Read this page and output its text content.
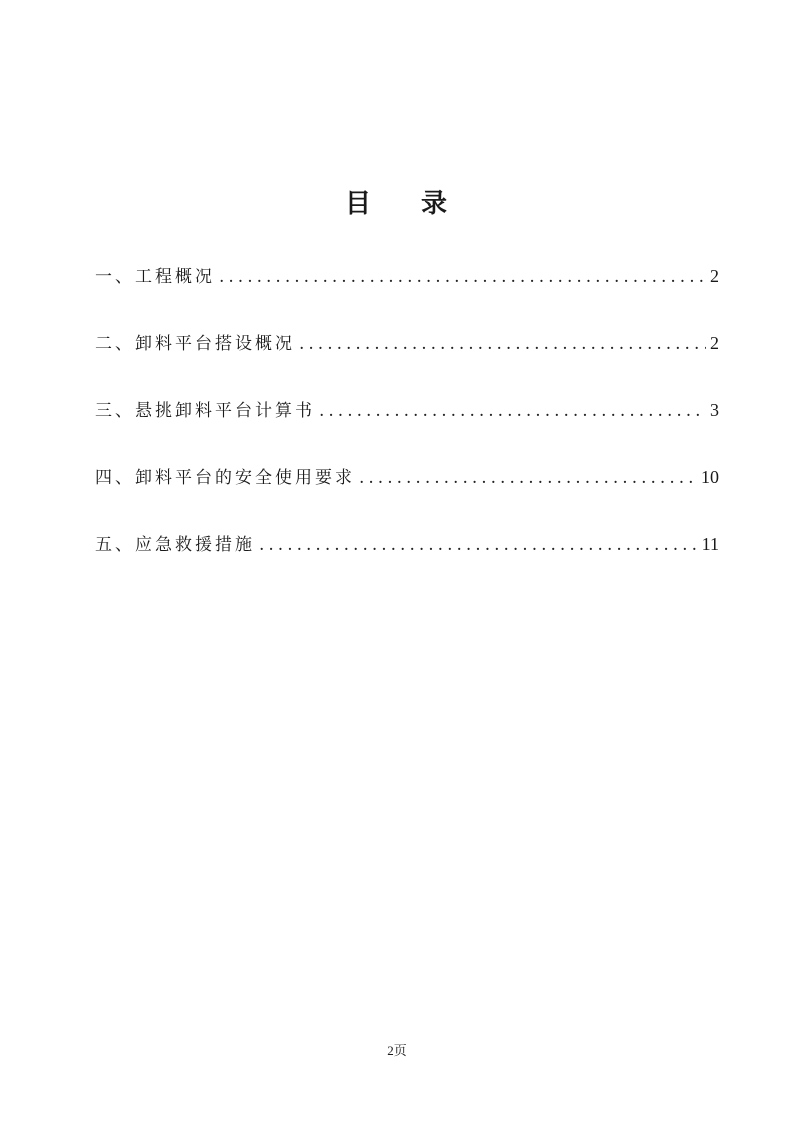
目 录
一、工程概况 .....	2
二、卸料平台搭设概况 .....	2
三、悬挑卸料平台计算书 .....	3
四、卸料平台的安全使用要求 .....	10
五、应急救援措施 .....	11
2页
